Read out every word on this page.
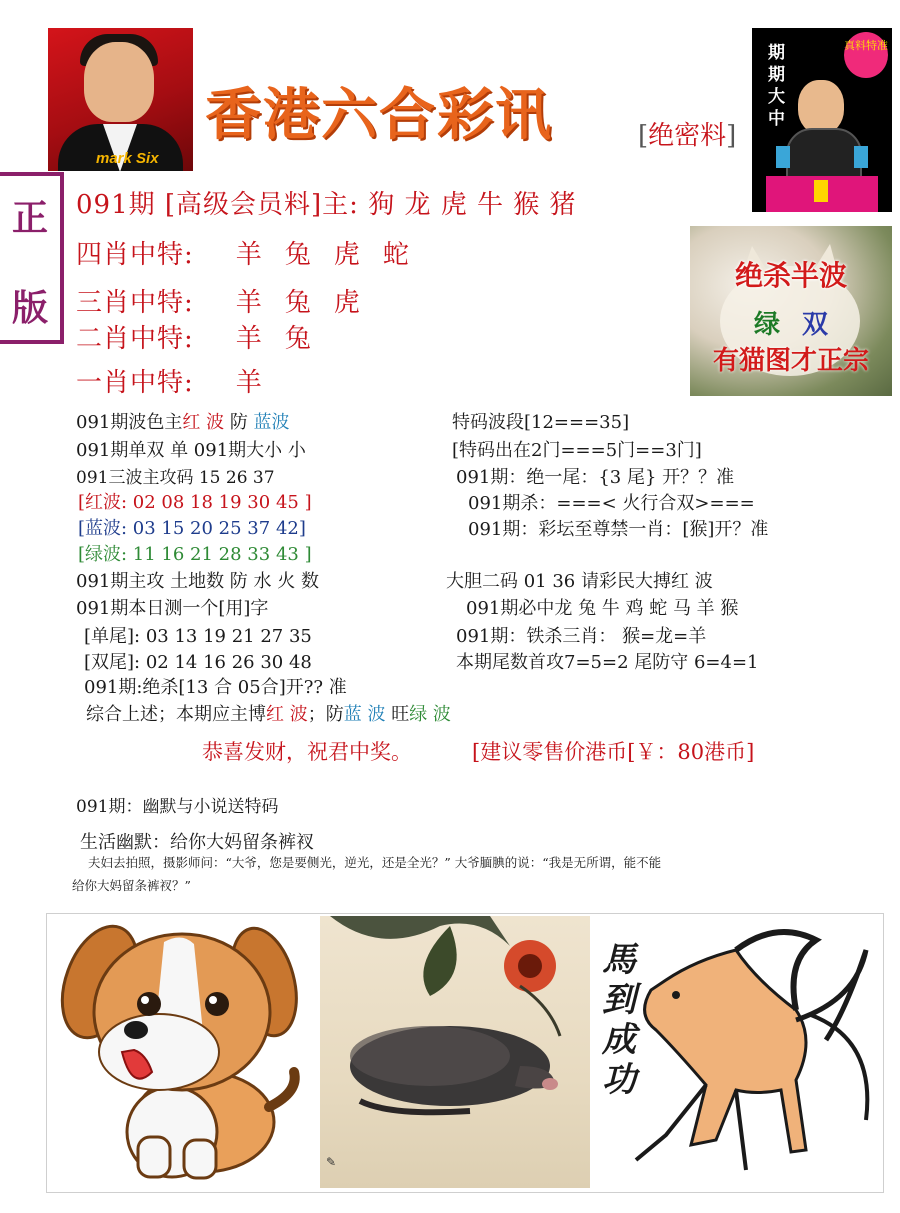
mark Six
香港六合彩讯	[绝密料]
期期大中
真料特准
正
版
091期 [高级会员料]主: 狗 龙 虎 牛 猴 猪
四肖中特: 羊 兔 虎 蛇
三肖中特: 羊 兔 虎
二肖中特: 羊 兔
一肖中特: 羊
绝杀半波
绿 双
有猫图才正宗
091期波色主红 波 防 蓝波
091期单双 单 091期大小 小
091三波主攻码 15 26 37
[红波: 02 08 18 19 30 45 ]
[蓝波: 03 15 20 25 37 42]
[绿波: 11 16 21 28 33 43 ]
091期主攻 土地数 防 水 火 数
091期本日测一个[用]字
[单尾]: 03 13 19 21 27 35
[双尾]: 02 14 16 26 30 48
091期:绝杀[13 合 05合]开?? 准
综合上述；本期应主博红 波；防蓝 波 旺绿 波
特码波段[12===35]
[特码出在2门===5门==3门]
091期：绝一尾：{3 尾} 开？？准
091期杀：===< 火行合双>===
091期：彩坛至尊禁一肖：[猴]开？准
大胆二码 01 36 请彩民大搏红 波
091期必中龙 兔 牛 鸡 蛇 马 羊 猴
091期：铁杀三肖： 猴=龙=羊
本期尾数首攻7=5=2 尾防守 6=4=1
恭喜发财，祝君中奖。	[建议零售价港币[￥：80港币]
091期：幽默与小说送特码
生活幽默：给你大妈留条裤衩
夫妇去拍照，摄影师问：“大爷，您是要侧光，逆光，还是全光？” 大爷腼腆的说：“我是无所谓，能不能
给你大妈留条裤衩？”
✎
馬到成功
